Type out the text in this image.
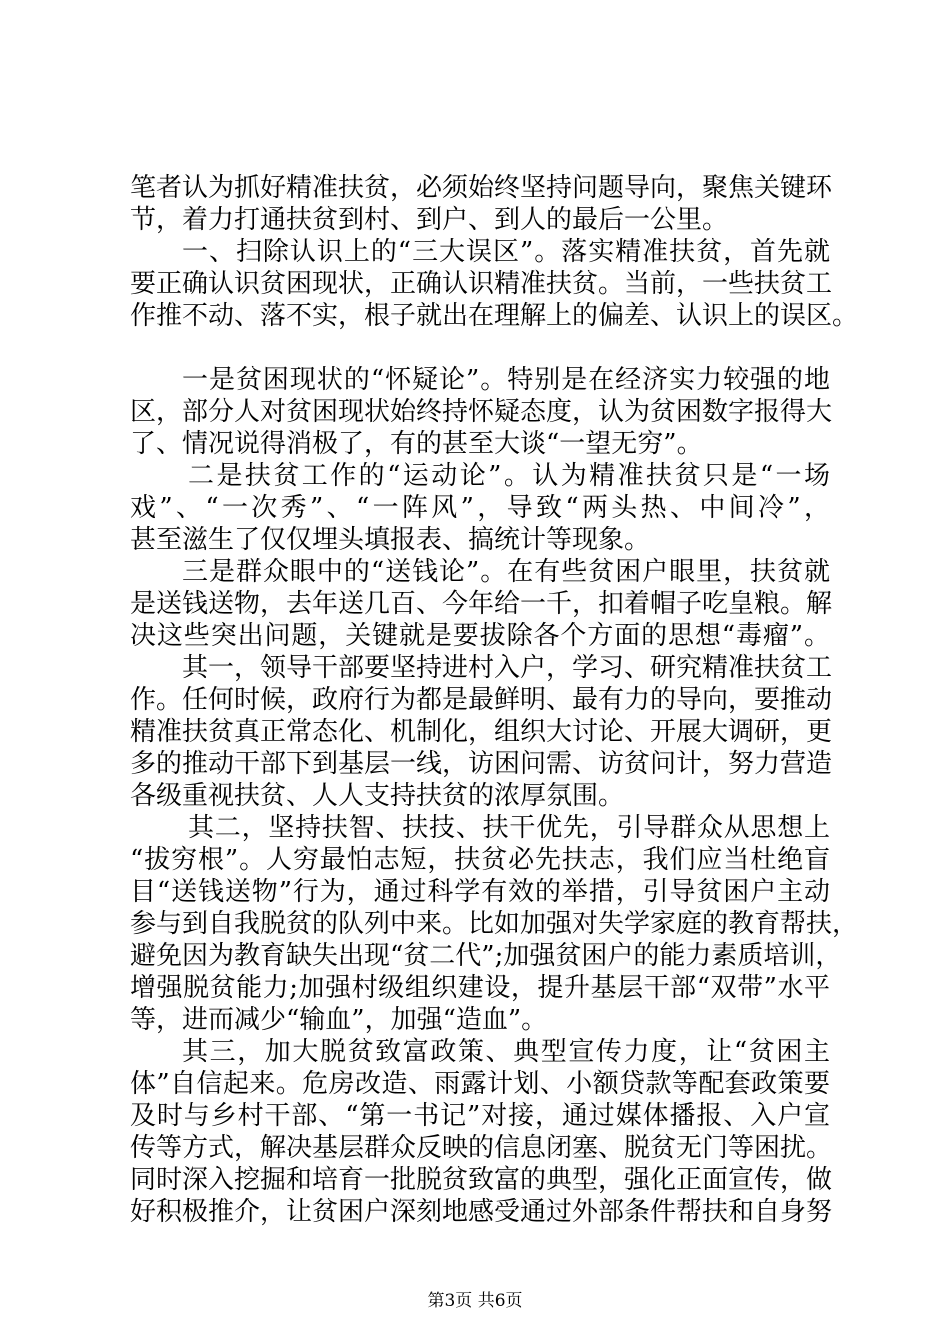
笔者认为抓好精准扶贫，必须始终坚持问题导向，聚焦关键环
节，着力打通扶贫到村、到户、到人的最后一公里。
一、扫除认识上的“三大误区”。落实精准扶贫，首先就
要正确认识贫困现状，正确认识精准扶贫。当前，一些扶贫工
作推不动、落不实，根子就出在理解上的偏差、认识上的误区。
一是贫困现状的“怀疑论”。特别是在经济实力较强的地
区，部分人对贫困现状始终持怀疑态度，认为贫困数字报得大
了、情况说得消极了，有的甚至大谈“一望无穷”。
二是扶贫工作的“运动论”。认为精准扶贫只是“一场
戏”、“一次秀”、“一阵风”，导致“两头热、中间冷”，
甚至滋生了仅仅埋头填报表、搞统计等现象。
三是群众眼中的“送钱论”。在有些贫困户眼里，扶贫就
是送钱送物，去年送几百、今年给一千，扣着帽子吃皇粮。解
决这些突出问题，关键就是要拔除各个方面的思想“毒瘤”。
其一，领导干部要坚持进村入户，学习、研究精准扶贫工
作。任何时候，政府行为都是最鲜明、最有力的导向，要推动
精准扶贫真正常态化、机制化，组织大讨论、开展大调研，更
多的推动干部下到基层一线，访困问需、访贫问计，努力营造
各级重视扶贫、人人支持扶贫的浓厚氛围。
其二，坚持扶智、扶技、扶干优先，引导群众从思想上
“拔穷根”。人穷最怕志短，扶贫必先扶志，我们应当杜绝盲
目“送钱送物”行为，通过科学有效的举措，引导贫困户主动
参与到自我脱贫的队列中来。比如加强对失学家庭的教育帮扶，
避免因为教育缺失出现“贫二代”;加强贫困户的能力素质培训，
增强脱贫能力;加强村级组织建设，提升基层干部“双带”水平
等，进而减少“输血”，加强“造血”。
其三，加大脱贫致富政策、典型宣传力度，让“贫困主
体”自信起来。危房改造、雨露计划、小额贷款等配套政策要
及时与乡村干部、“第一书记”对接，通过媒体播报、入户宣
传等方式，解决基层群众反映的信息闭塞、脱贫无门等困扰。
同时深入挖掘和培育一批脱贫致富的典型，强化正面宣传，做
好积极推介，让贫困户深刻地感受通过外部条件帮扶和自身努
第3页 共6页
